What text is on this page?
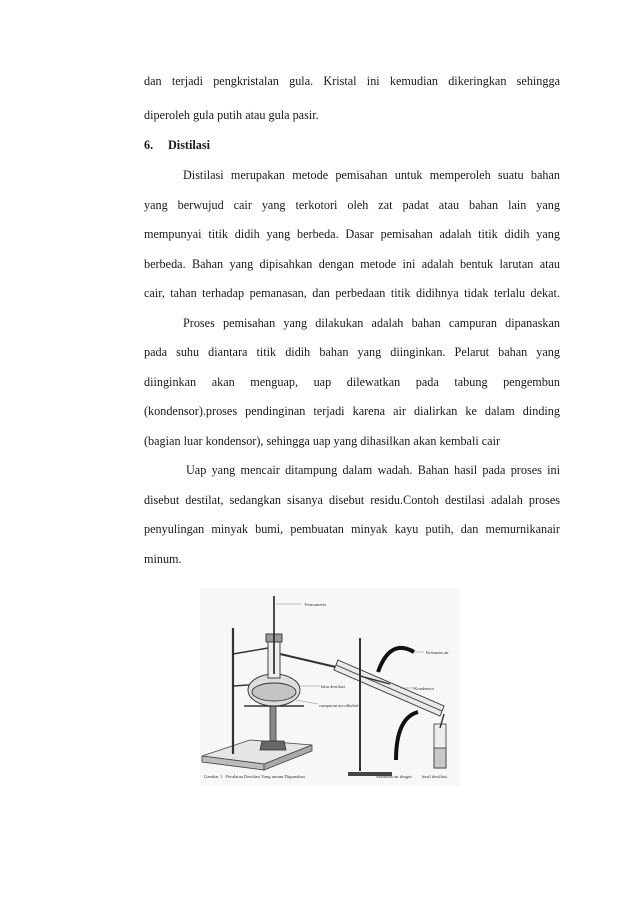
dan terjadi pengkristalan gula. Kristal ini kemudian dikeringkan sehingga
diperoleh gula putih atau gula pasir.
6. Distilasi
Distilasi merupakan metode pemisahan untuk memperoleh suatu bahan
yang berwujud cair yang terkotori oleh zat padat atau bahan lain yang
mempunyai titik didih yang berbeda. Dasar pemisahan adalah titik didih yang
berbeda. Bahan yang dipisahkan dengan metode ini adalah bentuk larutan atau
cair, tahan terhadap pemanasan, dan perbedaan titik didihnya tidak terlalu dekat.
Proses pemisahan yang dilakukan adalah bahan campuran dipanaskan
pada suhu diantara titik didih bahan yang diinginkan. Pelarut bahan yang
diinginkan akan menguap, uap dilewatkan pada tabung pengembun
(kondensor).proses pendinginan terjadi karena air dialirkan ke dalam dinding
(bagian luar kondensor), sehingga uap yang dihasilkan akan kembali cair
Uap yang mencair ditampung dalam wadah. Bahan hasil pada proses ini
disebut destilat, sedangkan sisanya disebut residu.Contoh destilasi adalah proses
penyulingan minyak bumi, pembuatan minyak kayu putih, dan memurnikanair
minum.
Termometer
Keluaran air
labu destilasi	Kondensor
campuran air-alkohol
Masukan air dingin hasil destilasi
Gambar 1 : Peralatan Destilasi Yang umum Digunakan
